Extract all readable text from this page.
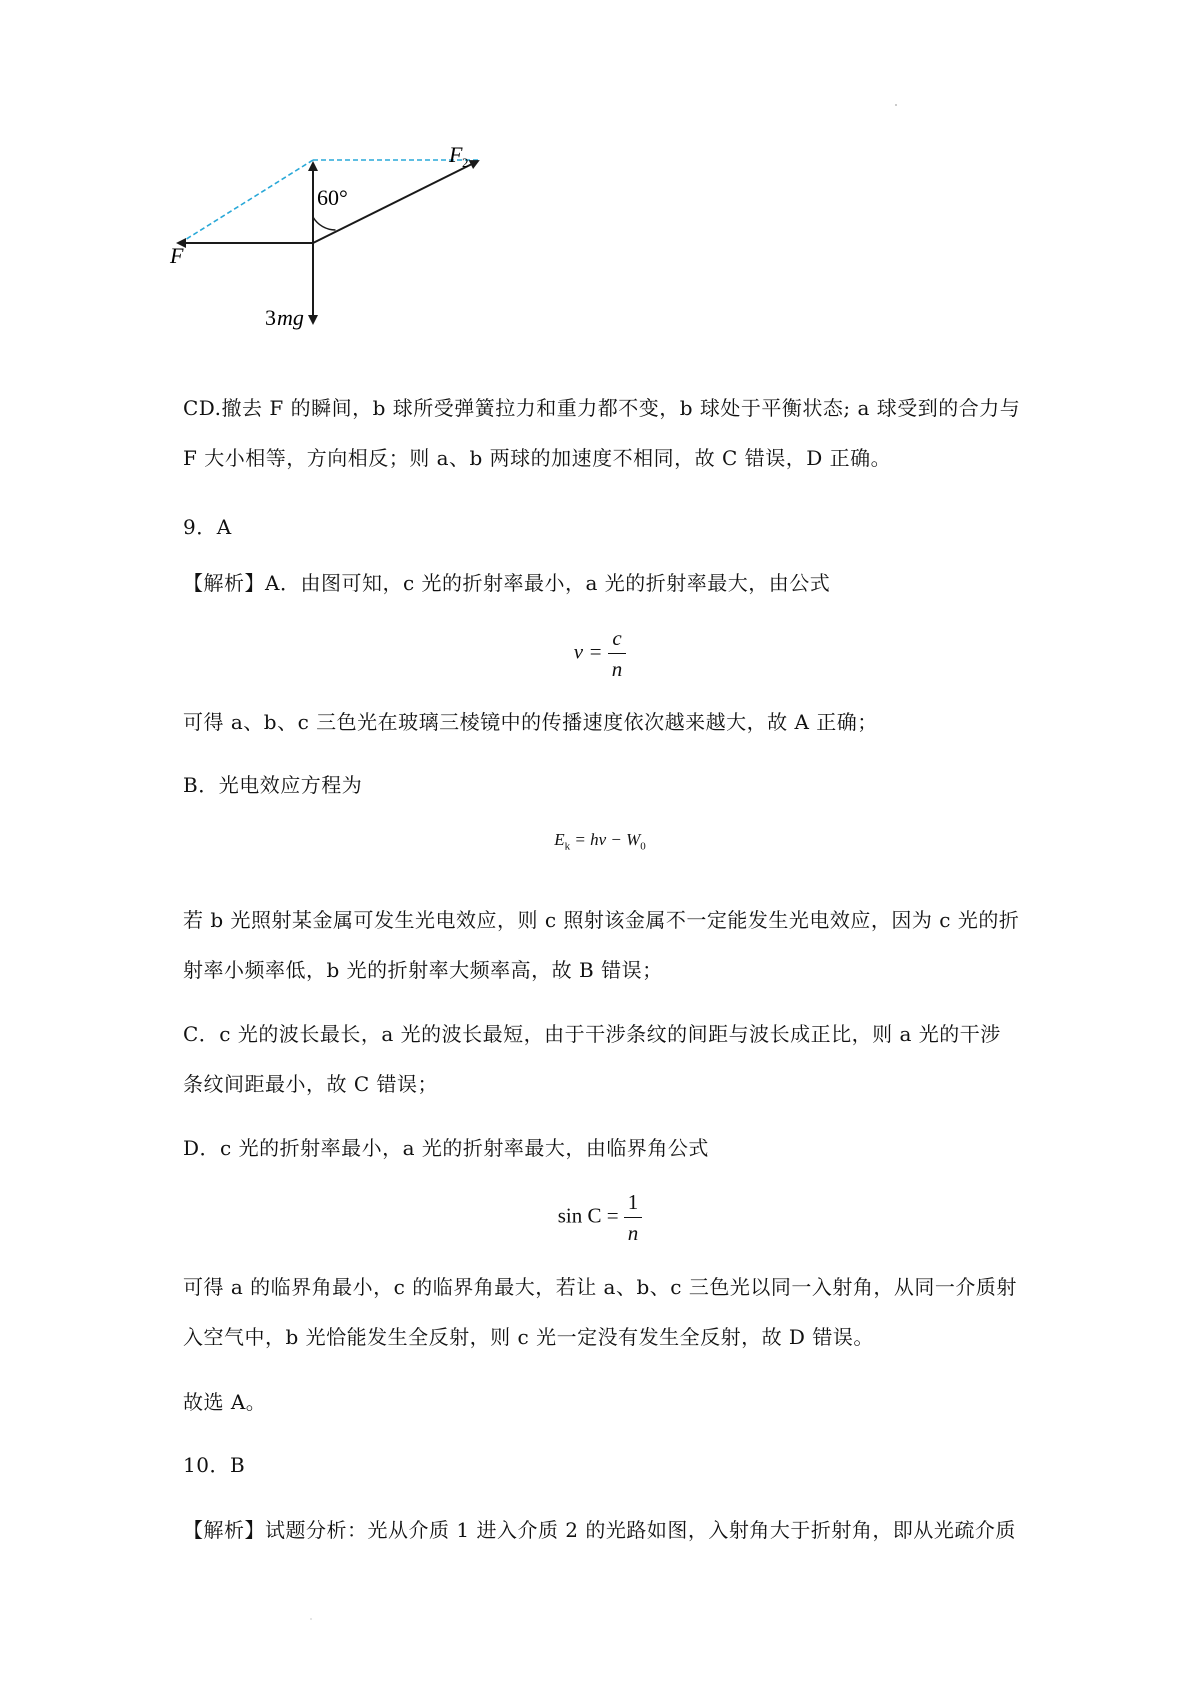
60°
F 2
F
3 mg
CD.撤去 F 的瞬间，b 球所受弹簧拉力和重力都不变，b 球处于平衡状态; a 球受到的合力与
F 大小相等，方向相反；则 a、b 两球的加速度不相同，故 C 错误，D 正确。
9．A
【解析】A．由图可知，c 光的折射率最小，a 光的折射率最大，由公式
$v = \frac{c}{n}$
可得 a、b、c 三色光在玻璃三棱镜中的传播速度依次越来越大，故 A 正确；
B．光电效应方程为
$E_k = h\nu - W_0$
若 b 光照射某金属可发生光电效应，则 c 照射该金属不一定能发生光电效应，因为 c 光的折
射率小频率低，b 光的折射率大频率高，故 B 错误；
C．c 光的波长最长，a 光的波长最短，由于干涉条纹的间距与波长成正比，则 a 光的干涉
条纹间距最小，故 C 错误；
D．c 光的折射率最小，a 光的折射率最大，由临界角公式
$\sin C = \frac{1}{n}$
可得 a 的临界角最小，c 的临界角最大，若让 a、b、c 三色光以同一入射角，从同一介质射
入空气中，b 光恰能发生全反射，则 c 光一定没有发生全反射，故 D 错误。
故选 A。
10．B
【解析】试题分析：光从介质 1 进入介质 2 的光路如图，入射角大于折射角，即从光疏介质
